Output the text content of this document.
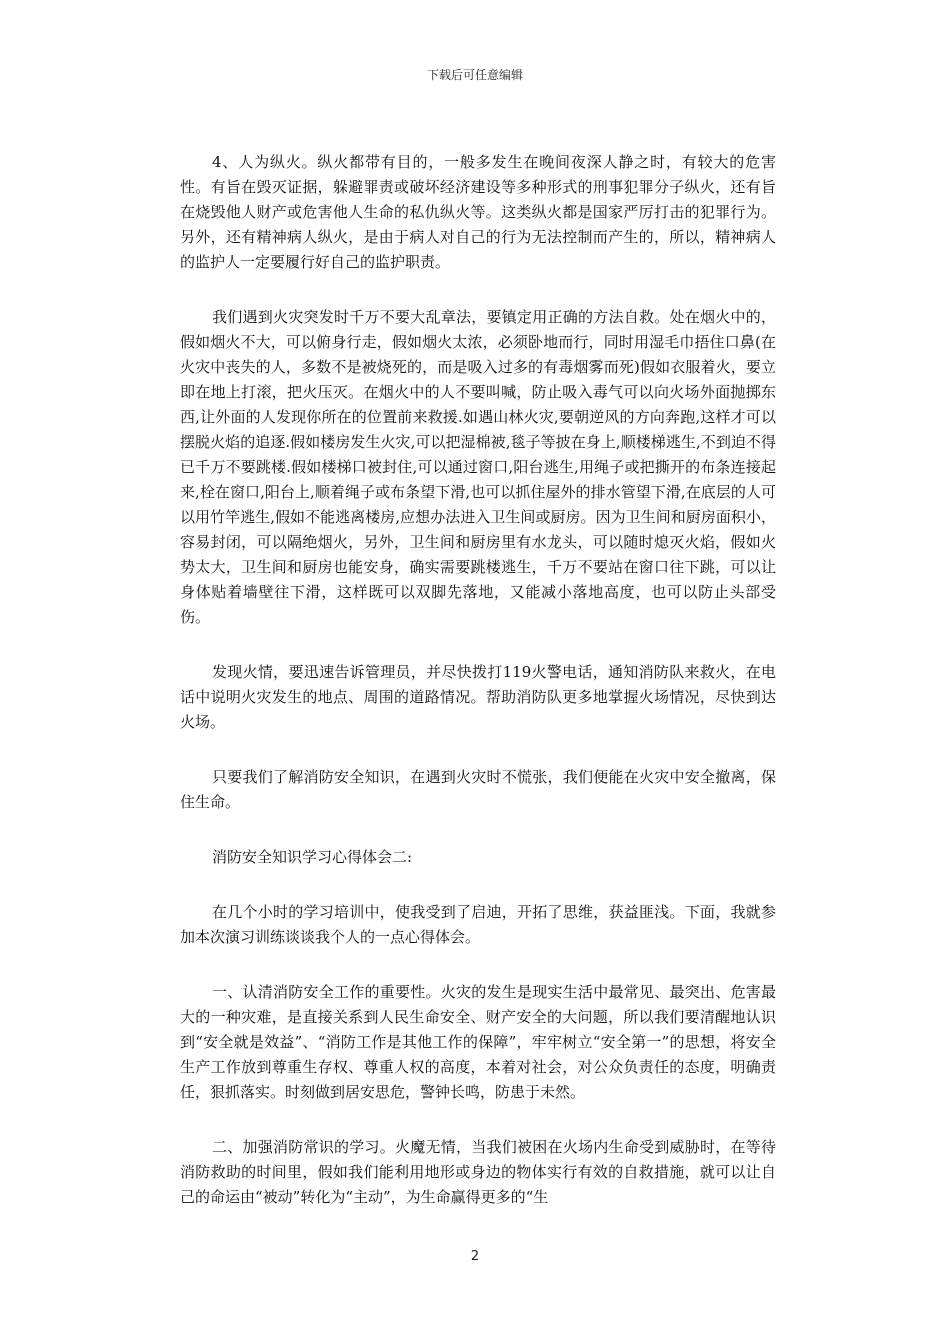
下载后可任意编辑

4、人为纵火。纵火都带有目的，一般多发生在晚间夜深人静之时，有较大的危害性。有旨在毁灭证据，躲避罪责或破坏经济建设等多种形式的刑事犯罪分子纵火，还有旨在烧毁他人财产或危害他人生命的私仇纵火等。这类纵火都是国家严厉打击的犯罪行为。另外，还有精神病人纵火，是由于病人对自己的行为无法控制而产生的，所以，精神病人的监护人一定要履行好自己的监护职责。

我们遇到火灾突发时千万不要大乱章法，要镇定用正确的方法自救。处在烟火中的，假如烟火不大，可以俯身行走，假如烟火太浓，必须卧地而行，同时用湿毛巾捂住口鼻(在火灾中丧失的人，多数不是被烧死的，而是吸入过多的有毒烟雾而死)假如衣服着火，要立即在地上打滚，把火压灭。在烟火中的人不要叫喊，防止吸入毒气可以向火场外面抛掷东西,让外面的人发现你所在的位置前来救援.如遇山林火灾,要朝逆风的方向奔跑,这样才可以摆脱火焰的追逐.假如楼房发生火灾,可以把湿棉被,毯子等披在身上,顺楼梯逃生,不到迫不得已千万不要跳楼.假如楼梯口被封住,可以通过窗口,阳台逃生,用绳子或把撕开的布条连接起来,栓在窗口,阳台上,顺着绳子或布条望下滑,也可以抓住屋外的排水管望下滑,在底层的人可以用竹竿逃生,假如不能逃离楼房,应想办法进入卫生间或厨房。因为卫生间和厨房面积小，容易封闭，可以隔绝烟火，另外，卫生间和厨房里有水龙头，可以随时熄灭火焰，假如火势太大，卫生间和厨房也能安身，确实需要跳楼逃生，千万不要站在窗口往下跳，可以让身体贴着墙壁往下滑，这样既可以双脚先落地，又能减小落地高度，也可以防止头部受伤。

发现火情，要迅速告诉管理员，并尽快拨打119火警电话，通知消防队来救火，在电话中说明火灾发生的地点、周围的道路情况。帮助消防队更多地掌握火场情况，尽快到达火场。

只要我们了解消防安全知识，在遇到火灾时不慌张，我们便能在火灾中安全撤离，保住生命。

消防安全知识学习心得体会二:

在几个小时的学习培训中，使我受到了启迪，开拓了思维，获益匪浅。下面，我就参加本次演习训练谈谈我个人的一点心得体会。

一、认清消防安全工作的重要性。火灾的发生是现实生活中最常见、最突出、危害最大的一种灾难，是直接关系到人民生命安全、财产安全的大问题，所以我们要清醒地认识到“安全就是效益”、“消防工作是其他工作的保障”，牢牢树立“安全第一”的思想，将安全生产工作放到尊重生存权、尊重人权的高度，本着对社会，对公众负责任的态度，明确责任，狠抓落实。时刻做到居安思危，警钟长鸣，防患于未然。

二、加强消防常识的学习。火魔无情，当我们被困在火场内生命受到威胁时，在等待消防救助的时间里，假如我们能利用地形或身边的物体实行有效的自救措施，就可以让自己的命运由“被动”转化为“主动”，为生命赢得更多的“生

2
